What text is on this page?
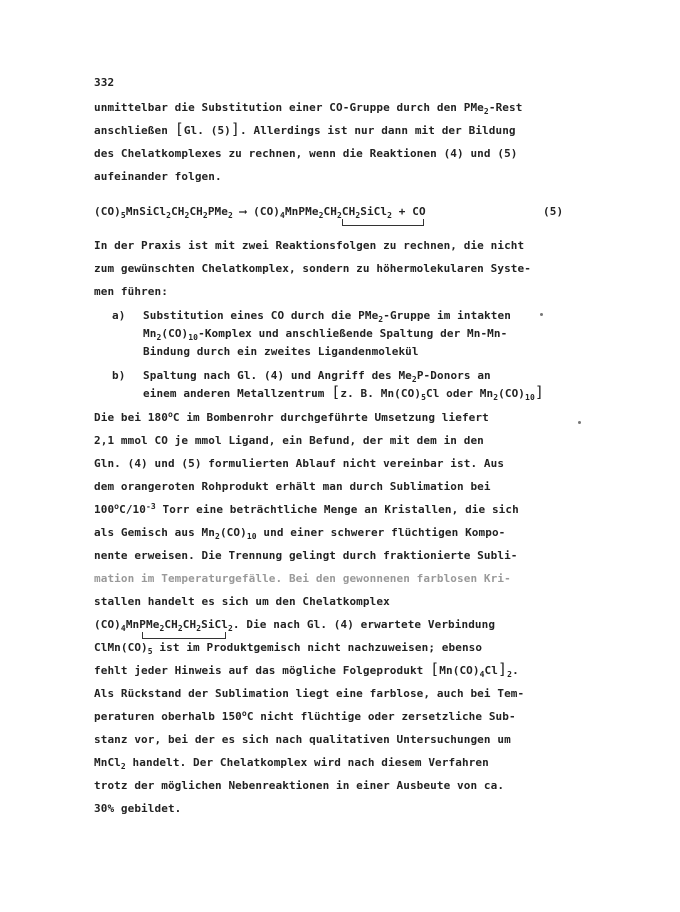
332
unmittelbar die Substitution einer CO-Gruppe durch den PMe$_2$-Rest
anschließen [Gl. (5)]. Allerdings ist nur dann mit der Bildung
des Chelatkomplexes zu rechnen, wenn die Reaktionen (4) und (5)
aufeinander folgen.
$(CO)_5MnSiCl_2CH_2CH_2PMe_2$ ⟶ $(CO)_4MnPMe_2CH_2CH_2SiCl_2$ + CO	(5)
In der Praxis ist mit zwei Reaktionsfolgen zu rechnen, die nicht
zum gewünschten Chelatkomplex, sondern zu höhermolekularen Syste-
men führen:
a) Substitution eines CO durch die PMe$_2$-Gruppe im intakten
$Mn_2(CO)_{10}$-Komplex und anschließende Spaltung der Mn-Mn-
Bindung durch ein zweites Ligandenmolekül
b) Spaltung nach Gl. (4) und Angriff des $Me_2P$-Donors an
einem anderen Metallzentrum [z. B. $Mn(CO)_5Cl$ oder $Mn_2(CO)_{10}$]
Die bei 180$^o$C im Bombenrohr durchgeführte Umsetzung liefert
2,1 mmol CO je mmol Ligand, ein Befund, der mit dem in den
Gln. (4) und (5) formulierten Ablauf nicht vereinbar ist. Aus
dem orangeroten Rohprodukt erhält man durch Sublimation bei
$100^oC/10^{-3}$ Torr eine beträchtliche Menge an Kristallen, die sich
als Gemisch aus $Mn_2(CO)_{10}$ und einer schwerer flüchtigen Kompo-
nente erweisen. Die Trennung gelingt durch fraktionierte Subli-
mation im Temperaturgefälle. Bei den gewonnenen farblosen Kri-
stallen handelt es sich um den Chelatkomplex
$(CO)_4MnPMe_2CH_2CH_2SiCl_2$. Die nach Gl. (4) erwartete Verbindung
$ClMn(CO)_5$ ist im Produktgemisch nicht nachzuweisen; ebenso
fehlt jeder Hinweis auf das mögliche Folgeprodukt $[Mn(CO)_4Cl]_2$.
Als Rückstand der Sublimation liegt eine farblose, auch bei Tem-
peraturen oberhalb 150$^o$C nicht flüchtige oder zersetzliche Sub-
stanz vor, bei der es sich nach qualitativen Untersuchungen um
MnCl$_2$ handelt. Der Chelatkomplex wird nach diesem Verfahren
trotz der möglichen Nebenreaktionen in einer Ausbeute von ca.
30% gebildet.
